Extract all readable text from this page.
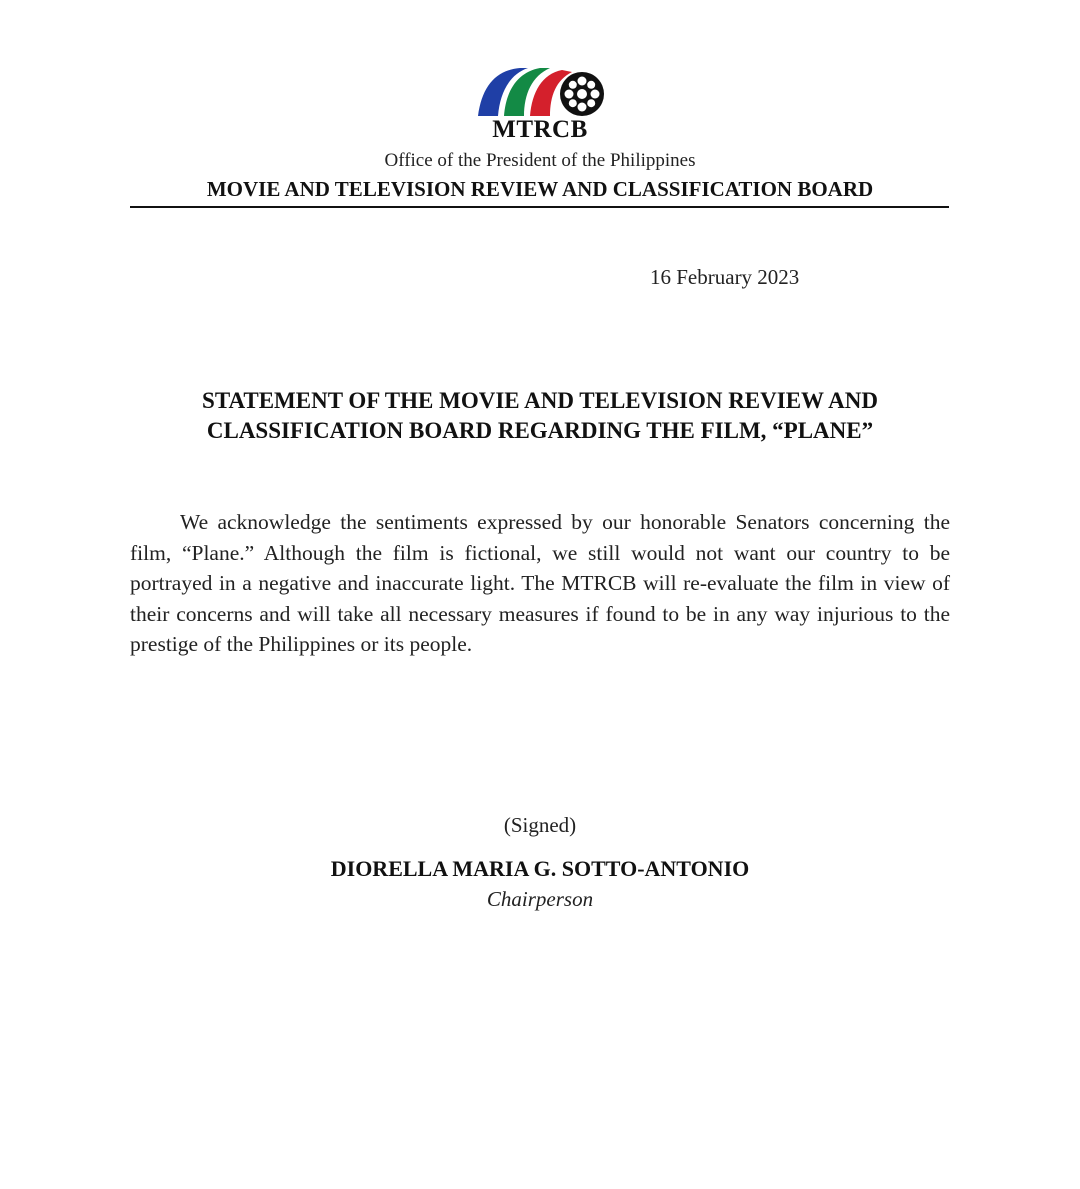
MTRCB
Office of the President of the Philippines
MOVIE AND TELEVISION REVIEW AND CLASSIFICATION BOARD
16 February 2023
STATEMENT OF THE MOVIE AND TELEVISION REVIEW AND
CLASSIFICATION BOARD REGARDING THE FILM, “PLANE”

We acknowledge the sentiments expressed by our honorable Senators concerning the film, “Plane.” Although the film is fictional, we still would not want our country to be portrayed in a negative and inaccurate light. The MTRCB will re-evaluate the film in view of their concerns and will take all necessary measures if found to be in any way injurious to the prestige of the Philippines or its people.

(Signed)
DIORELLA MARIA G. SOTTO-ANTONIO
Chairperson
